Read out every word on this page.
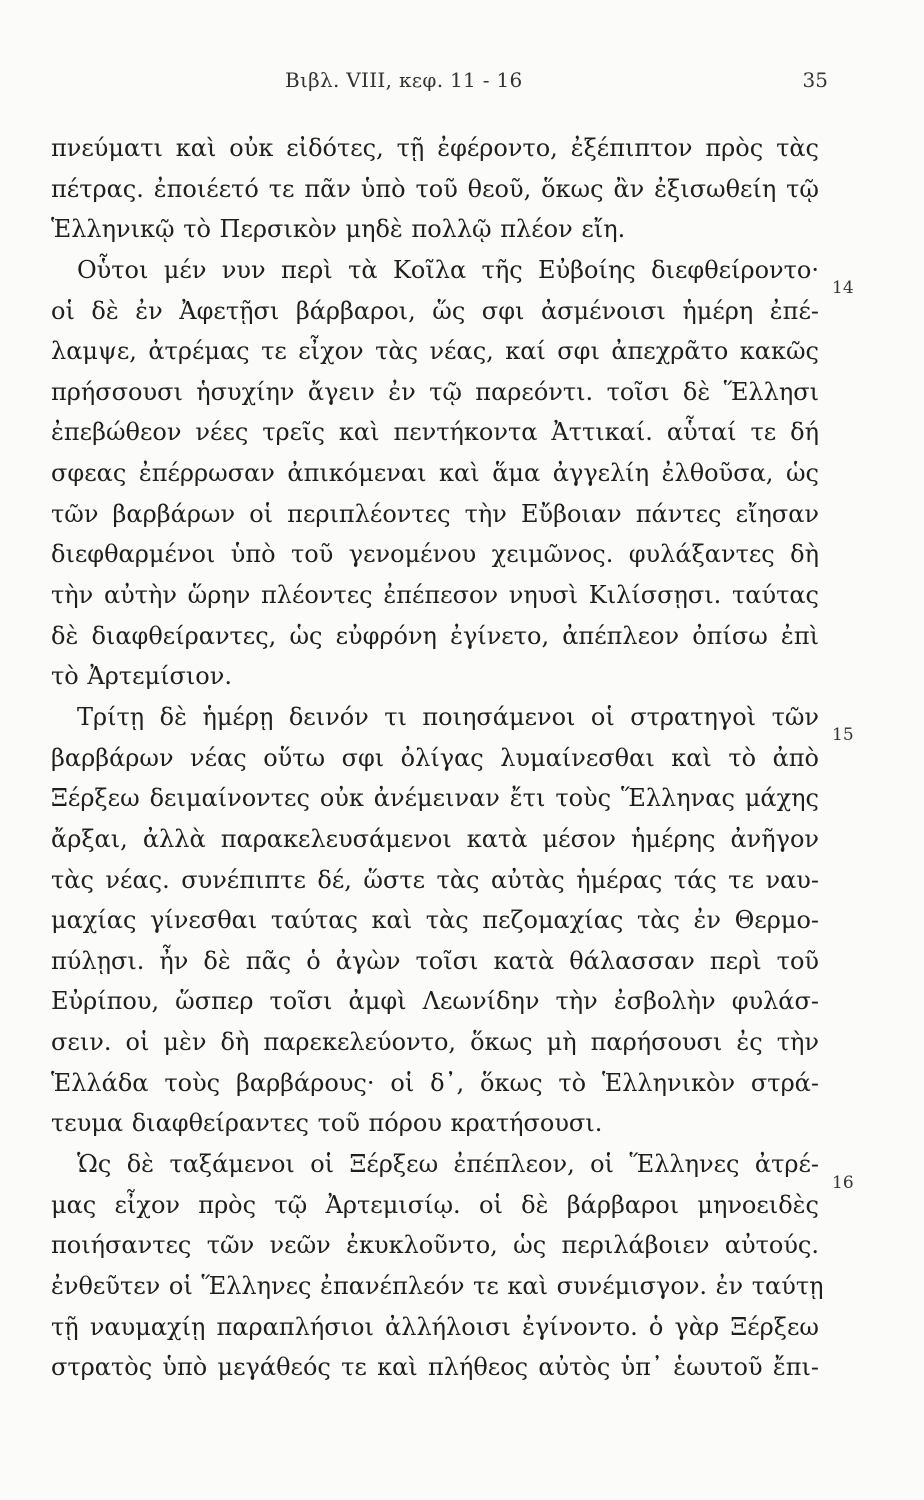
Βιβλ. VIII, κεφ. 11 - 16	35
πνεύματι καὶ οὐκ εἰδότες, τῇ ἐφέροντο, ἐξέπιπτον πρὸς τὰς
πέτρας. ἐποιέετό τε πᾶν ὑπὸ τοῦ θεοῦ, ὅκως ἂν ἐξισωθείη τῷ
Ἑλληνικῷ τὸ Περσικὸν μηδὲ πολλῷ πλέον εἴη.
Οὗτοι μέν νυν περὶ τὰ Κοῖλα τῆς Εὐβοίης διεφθείροντο·
οἱ δὲ ἐν Ἀφετῇσι βάρβαροι, ὥς σφι ἀσμένοισι ἡμέρη ἐπέ-
λαμψε, ἀτρέμας τε εἶχον τὰς νέας, καί σφι ἀπεχρᾶτο κακῶς
πρήσσουσι ἡσυχίην ἄγειν ἐν τῷ παρεόντι. τοῖσι δὲ Ἕλλησι
ἐπεβώθεον νέες τρεῖς καὶ πεντήκοντα Ἀττικαί. αὗταί τε δή
σφεας ἐπέρρωσαν ἀπικόμεναι καὶ ἅμα ἀγγελίη ἐλθοῦσα, ὡς
τῶν βαρβάρων οἱ περιπλέοντες τὴν Εὔβοιαν πάντες εἴησαν
διεφθαρμένοι ὑπὸ τοῦ γενομένου χειμῶνος. φυλάξαντες δὴ
τὴν αὐτὴν ὥρην πλέοντες ἐπέπεσον νηυσὶ Κιλίσσῃσι. ταύτας
δὲ διαφθείραντες, ὡς εὐφρόνη ἐγίνετο, ἀπέπλεον ὀπίσω ἐπὶ
τὸ Ἀρτεμίσιον.
Τρίτῃ δὲ ἡμέρῃ δεινόν τι ποιησάμενοι οἱ στρατηγοὶ τῶν
βαρβάρων νέας οὕτω σφι ὀλίγας λυμαίνεσθαι καὶ τὸ ἀπὸ
Ξέρξεω δειμαίνοντες οὐκ ἀνέμειναν ἔτι τοὺς Ἕλληνας μάχης
ἄρξαι, ἀλλὰ παρακελευσάμενοι κατὰ μέσον ἡμέρης ἀνῆγον
τὰς νέας. συνέπιπτε δέ, ὥστε τὰς αὐτὰς ἡμέρας τάς τε ναυ-
μαχίας γίνεσθαι ταύτας καὶ τὰς πεζομαχίας τὰς ἐν Θερμο-
πύλῃσι. ἦν δὲ πᾶς ὁ ἀγὼν τοῖσι κατὰ θάλασσαν περὶ τοῦ
Εὐρίπου, ὥσπερ τοῖσι ἀμφὶ Λεωνίδην τὴν ἐσβολὴν φυλάσ-
σειν. οἱ μὲν δὴ παρεκελεύοντο, ὅκως μὴ παρήσουσι ἐς τὴν
Ἑλλάδα τοὺς βαρβάρους· οἱ δ᾽, ὅκως τὸ Ἑλληνικὸν στρά-
τευμα διαφθείραντες τοῦ πόρου κρατήσουσι.
Ὡς δὲ ταξάμενοι οἱ Ξέρξεω ἐπέπλεον, οἱ Ἕλληνες ἀτρέ-
μας εἶχον πρὸς τῷ Ἀρτεμισίῳ. οἱ δὲ βάρβαροι μηνοειδὲς
ποιήσαντες τῶν νεῶν ἐκυκλοῦντο, ὡς περιλάβοιεν αὐτούς.
ἐνθεῦτεν οἱ Ἕλληνες ἐπανέπλεόν τε καὶ συνέμισγον. ἐν ταύτῃ
τῇ ναυμαχίῃ παραπλήσιοι ἀλλήλοισι ἐγίνοντο. ὁ γὰρ Ξέρξεω
στρατὸς ὑπὸ μεγάθεός τε καὶ πλήθεος αὐτὸς ὑπ᾽ ἑωυτοῦ ἔπι-
14
15
16
